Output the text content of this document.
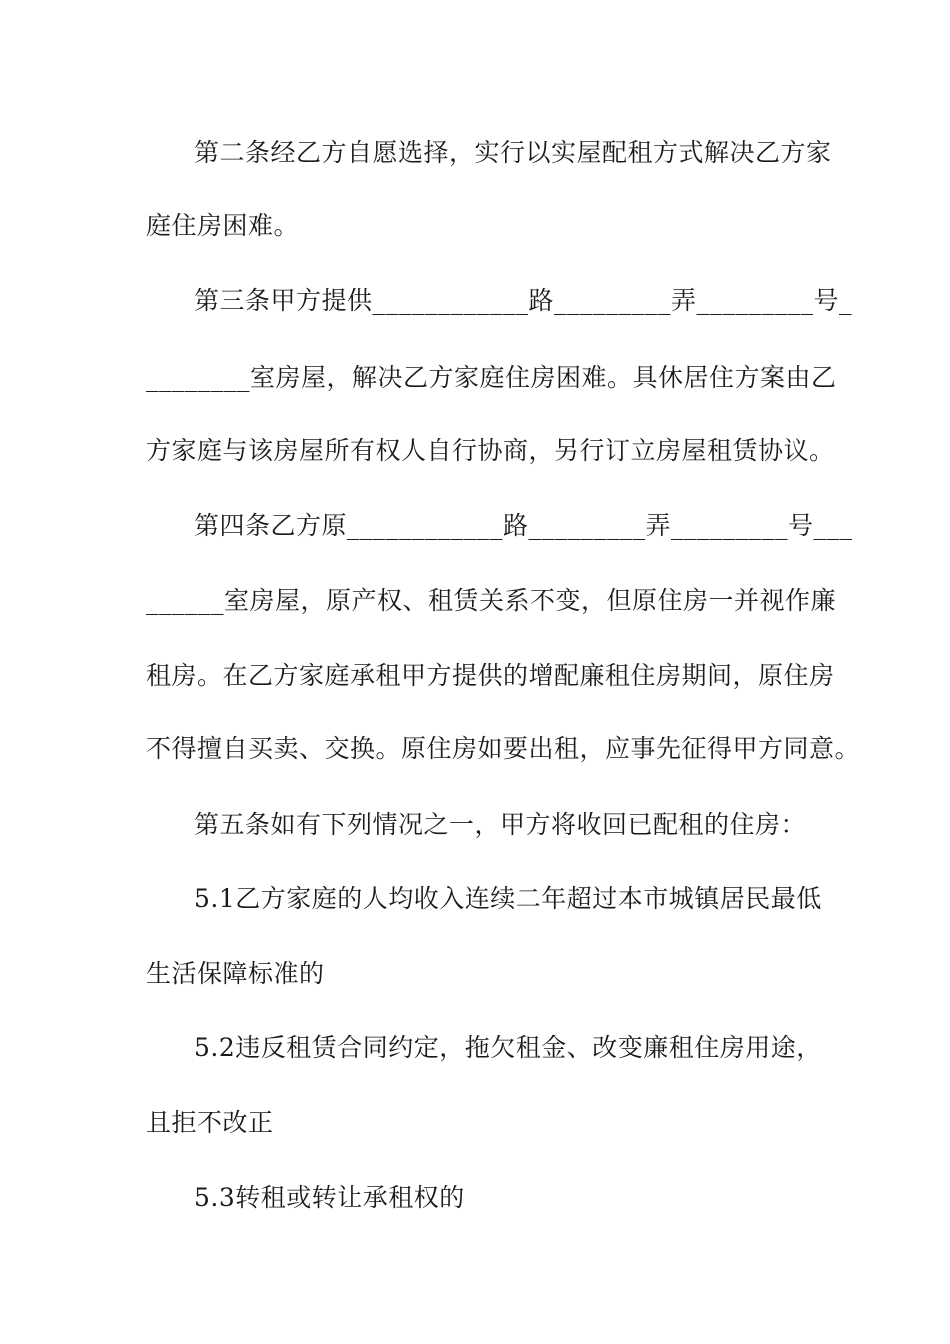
第二条经乙方自愿选择，实行以实屋配租方式解决乙方家
庭住房困难。
第三条甲方提供____________路_________弄_________号_
________室房屋，解决乙方家庭住房困难。具休居住方案由乙
方家庭与该房屋所有权人自行协商，另行订立房屋租赁协议。
第四条乙方原____________路_________弄_________号___
______室房屋，原产权、租赁关系不变，但原住房一并视作廉
租房。在乙方家庭承租甲方提供的增配廉租住房期间，原住房
不得擅自买卖、交换。原住房如要出租，应事先征得甲方同意。
第五条如有下列情况之一，甲方将收回已配租的住房：
5.1乙方家庭的人均收入连续二年超过本市城镇居民最低
生活保障标准的
5.2违反租赁合同约定，拖欠租金、改变廉租住房用途，
且拒不改正
5.3转租或转让承租权的
